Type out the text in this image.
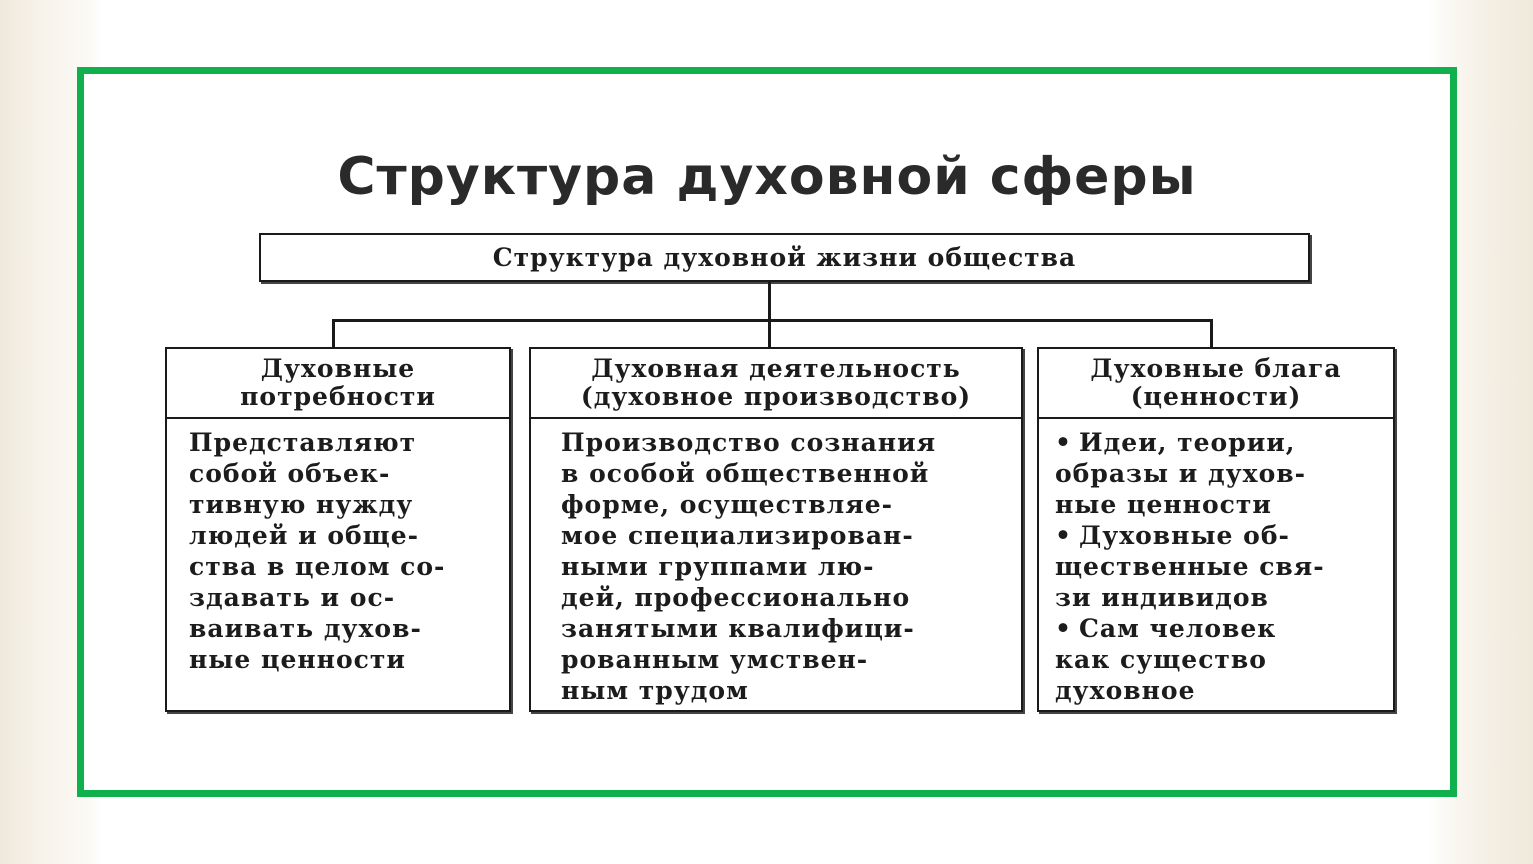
Структура духовной сферы
Структура духовной жизни общества
Духовные
потребности

Представляют

собой объек-

тивную нужду

людей и обще-

ства в целом со-

здавать и ос-

ваивать духов-

ные ценности

Духовная деятельность
(духовное производство)

Производство сознания

в особой общественной

форме, осуществляе-

мое специализирован-

ными группами лю-

дей, профессионально

занятыми квалифици-

рованным умствен-

ным трудом

Духовные блага
(ценности)
• Идеи, теории,
образы и духов-
ные ценности
• Духовные об-
щественные свя-
зи индивидов
• Сам человек
как существо
духовное
